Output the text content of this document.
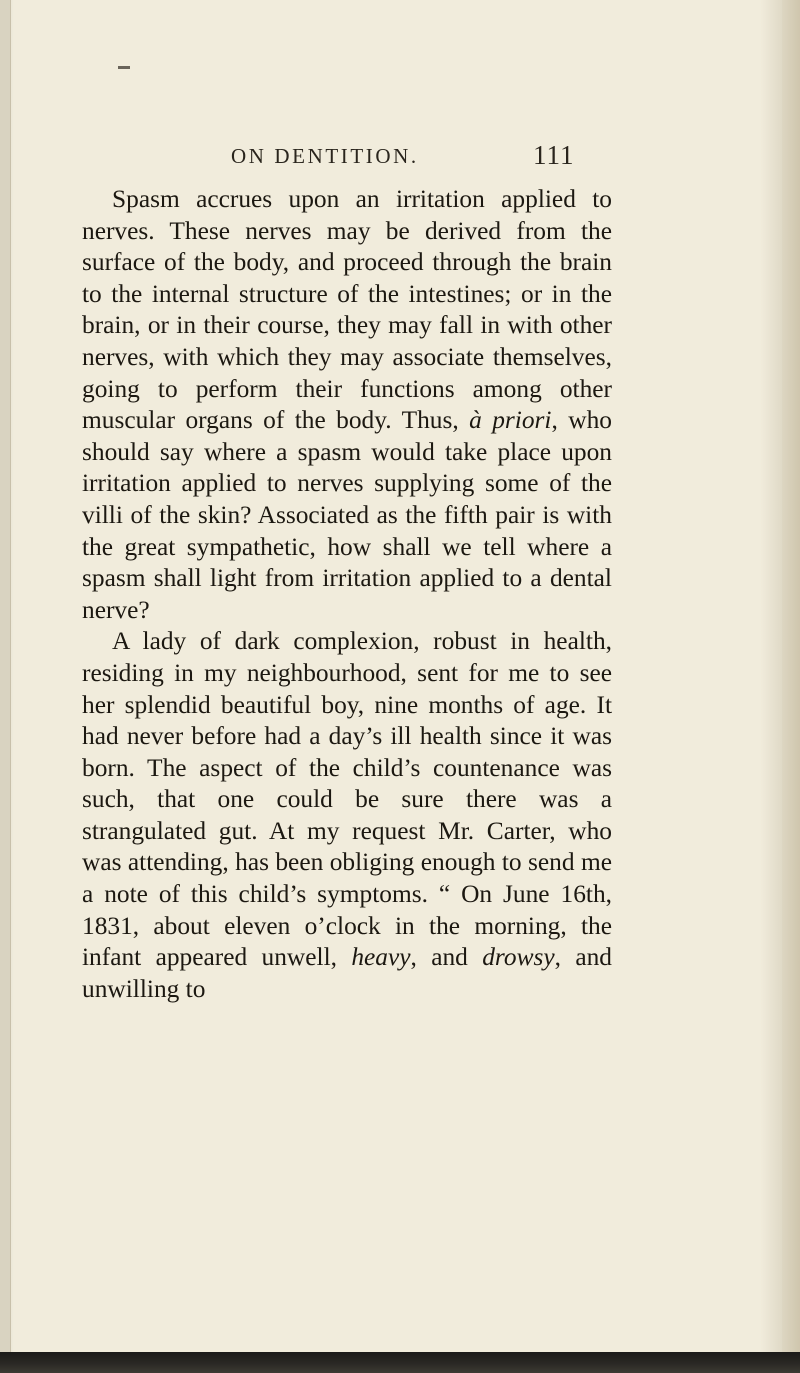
ON DENTITION.	111

Spasm accrues upon an irritation applied to nerves. These nerves may be derived from the surface of the body, and proceed through the brain to the internal structure of the intestines; or in the brain, or in their course, they may fall in with other nerves, with which they may associate themselves, going to perform their functions among other muscular organs of the body. Thus, à priori, who should say where a spasm would take place upon irritation applied to nerves supplying some of the villi of the skin? Associated as the fifth pair is with the great sympathetic, how shall we tell where a spasm shall light from irritation applied to a dental nerve?

A lady of dark complexion, robust in health, residing in my neighbourhood, sent for me to see her splendid beautiful boy, nine months of age. It had never before had a day’s ill health since it was born. The aspect of the child’s countenance was such, that one could be sure there was a strangulated gut. At my request Mr. Carter, who was attending, has been obliging enough to send me a note of this child’s symptoms. “ On June 16th, 1831, about eleven o’clock in the morning, the infant appeared unwell, heavy, and drowsy, and unwilling to
